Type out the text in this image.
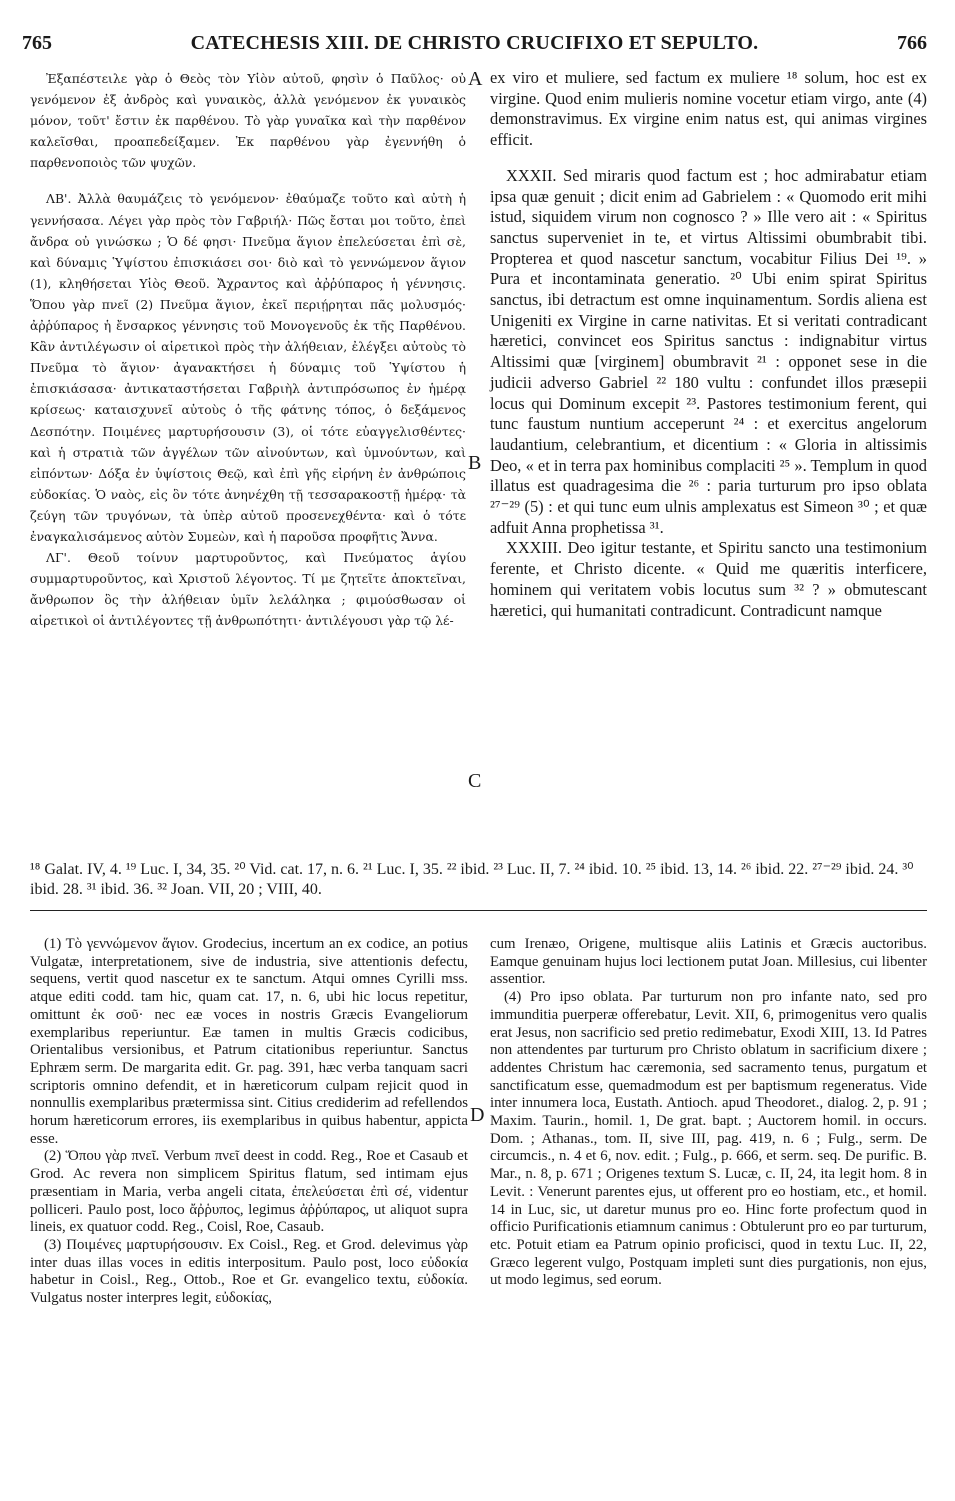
765	CATECHESIS XIII. DE CHRISTO CRUCIFIXO ET SEPULTO.	766

Ἐξαπέστειλε γὰρ ὁ Θεὸς τὸν Υἱὸν αὐτοῦ, φησὶν ὁ Παῦλος· οὐ γενόμενον ἐξ ἀνδρὸς καὶ γυναικὸς, ἀλλὰ γενόμενον ἐκ γυναικὸς μόνον, τοῦτ' ἔστιν ἐκ παρθένου. Τὸ γὰρ γυναῖκα καὶ τὴν παρθένον καλεῖσθαι, προαπεδείξαμεν. Ἐκ παρθένου γὰρ ἐγεννήθη ὁ παρθενοποιὸς τῶν ψυχῶν.

ΛΒ'. Ἀλλὰ θαυμάζεις τὸ γενόμενον· ἐθαύμαζε τοῦτο καὶ αὐτὴ ἡ γεννήσασα. Λέγει γὰρ πρὸς τὸν Γαβριήλ· Πῶς ἔσται μοι τοῦτο, ἐπεὶ ἄνδρα οὐ γινώσκω ; Ὁ δέ φησι· Πνεῦμα ἅγιον ἐπελεύσεται ἐπὶ σὲ, καὶ δύναμις Ὑψίστου ἐπισκιάσει σοι· διὸ καὶ τὸ γεννώμενον ἅγιον (1), κληθήσεται Υἱὸς Θεοῦ. Ἄχραντος καὶ ἀῤῥύπαρος ἡ γέννησις. Ὅπου γὰρ πνεῖ (2) Πνεῦμα ἅγιον, ἐκεῖ περιῄρηται πᾶς μολυσμός· ἀῤῥύπαρος ἡ ἔνσαρκος γέννησις τοῦ Μονογενοῦς ἐκ τῆς Παρθένου. Κἂν ἀντιλέγωσιν οἱ αἱρετικοὶ πρὸς τὴν ἀλήθειαν, ἐλέγξει αὐτοὺς τὸ Πνεῦμα τὸ ἅγιον· ἀγανακτήσει ἡ δύναμις τοῦ Ὑψίστου ἡ ἐπισκιάσασα· ἀντικαταστήσεται Γαβριὴλ ἀντιπρόσωπος ἐν ἡμέρᾳ κρίσεως· καταισχυνεῖ αὐτοὺς ὁ τῆς φάτνης τόπος, ὁ δεξάμενος Δεσπότην. Ποιμένες μαρτυρήσουσιν (3), οἱ τότε εὐαγγελισθέντες· καὶ ἡ στρατιὰ τῶν ἀγγέλων τῶν αἰνούντων, καὶ ὑμνούντων, καὶ εἰπόντων· Δόξα ἐν ὑψίστοις Θεῷ, καὶ ἐπὶ γῆς εἰρήνη ἐν ἀνθρώποις εὐδοκίας. Ὁ ναὸς, εἰς ὃν τότε ἀνηνέχθη τῇ τεσσαρακοστῇ ἡμέρᾳ· τὰ ζεύγη τῶν τρυγόνων, τὰ ὑπὲρ αὐτοῦ προσενεχθέντα· καὶ ὁ τότε ἐναγκαλισάμενος αὐτὸν Συμεὼν, καὶ ἡ παροῦσα προφῆτις Ἄννα.

ΛΓ'. Θεοῦ τοίνυν μαρτυροῦντος, καὶ Πνεύματος ἁγίου συμμαρτυροῦντος, καὶ Χριστοῦ λέγοντος. Τί με ζητεῖτε ἀποκτεῖναι, ἄνθρωπον ὃς τὴν ἀλήθειαν ὑμῖν λελάληκα ; φιμούσθωσαν οἱ αἱρετικοὶ οἱ ἀντιλέγοντες τῇ ἀνθρωπότητι· ἀντιλέγουσι γὰρ τῷ λέ-

A
B
C
D

ex viro et muliere, sed factum ex muliere ¹⁸ solum, hoc est ex virgine. Quod enim mulieris nomine vocetur etiam virgo, ante (4) demonstravimus. Ex virgine enim natus est, qui animas virgines efficit.

XXXII. Sed miraris quod factum est ; hoc admirabatur etiam ipsa quæ genuit ; dicit enim ad Gabrielem : « Quomodo erit mihi istud, siquidem virum non cognosco ? » Ille vero ait : « Spiritus sanctus superveniet in te, et virtus Altissimi obumbrabit tibi. Propterea et quod nascetur sanctum, vocabitur Filius Dei ¹⁹. » Pura et incontaminata generatio. ²⁰ Ubi enim spirat Spiritus sanctus, ibi detractum est omne inquinamentum. Sordis aliena est Unigeniti ex Virgine in carne nativitas. Et si veritati contradicant hæretici, convincet eos Spiritus sanctus : indignabitur virtus Altissimi quæ [virginem] obumbravit ²¹ : opponet sese in die judicii adverso Gabriel ²² 180 vultu : confundet illos præsepii locus qui Dominum excepit ²³. Pastores testimonium ferent, qui tunc faustum nuntium acceperunt ²⁴ : et exercitus angelorum laudantium, celebrantium, et dicentium : « Gloria in altissimis Deo, « et in terra pax hominibus complaciti ²⁵ ». Templum in quod illatus est quadragesima die ²⁶ : paria turturum pro ipso oblata ²⁷⁻²⁹ (5) : et qui tunc eum ulnis amplexatus est Simeon ³⁰ ; et quæ adfuit Anna prophetissa ³¹.

XXXIII. Deo igitur testante, et Spiritu sancto una testimonium ferente, et Christo dicente. « Quid me quæritis interficere, hominem qui veritatem vobis locutus sum ³² ? » obmutescant hæretici, qui humanitati contradicunt. Contradicunt namque

¹⁸ Galat. IV, 4. ¹⁹ Luc. I, 34, 35. ²⁰ Vid. cat. 17, n. 6. ²¹ Luc. I, 35. ²² ibid. ²³ Luc. II, 7. ²⁴ ibid. 10. ²⁵ ibid. 13, 14. ²⁶ ibid. 22. ²⁷⁻²⁹ ibid. 24. ³⁰ ibid. 28. ³¹ ibid. 36. ³² Joan. VII, 20 ; VIII, 40.

(1) Τὸ γεννώμενον ἅγιον. Grodecius, incertum an ex codice, an potius Vulgatæ, interpretationem, sive de industria, sive attentionis defectu, sequens, vertit quod nascetur ex te sanctum. Atqui omnes Cyrilli mss. atque editi codd. tam hic, quam cat. 17, n. 6, ubi hic locus repetitur, omittunt ἐκ σοῦ· nec eæ voces in nostris Græcis Evangeliorum exemplaribus reperiuntur. Eæ tamen in multis Græcis codicibus, Orientalibus versionibus, et Patrum citationibus reperiuntur. Sanctus Ephræm serm. De margarita edit. Gr. pag. 391, hæc verba tanquam sacri scriptoris omnino defendit, et in hæreticorum culpam rejicit quod in nonnullis exemplaribus prætermissa sint. Citius crediderim ad refellendos horum hæreticorum errores, iis exemplaribus in quibus habentur, appicta esse.

(2) Ὅπου γὰρ πνεῖ. Verbum πνεῖ deest in codd. Reg., Roe et Casaub et Grod. Ac revera non simplicem Spiritus flatum, sed intimam ejus præsentiam in Maria, verba angeli citata, ἐπελεύσεται ἐπὶ σέ, videntur polliceri. Paulo post, loco ἄῤῥυπος, legimus ἀῤῥύπαρος, ut aliquot supra lineis, ex quatuor codd. Reg., Coisl, Roe, Casaub.

(3) Ποιμένες μαρτυρήσουσιν. Ex Coisl., Reg. et Grod. delevimus γὰρ inter duas illas voces in editis interpositum. Paulo post, loco εὐδοκία habetur in Coisl., Reg., Ottob., Roe et Gr. evangelico textu, εὐδοκία. Vulgatus noster interpres legit, εὐδοκίας,

cum Irenæo, Origene, multisque aliis Latinis et Græcis auctoribus. Eamque genuinam hujus loci lectionem putat Joan. Millesius, cui libenter assentior.

(4) Pro ipso oblata. Par turturum non pro infante nato, sed pro immunditia puerperæ offerebatur, Levit. XII, 6, primogenitus vero qualis erat Jesus, non sacrificio sed pretio redimebatur, Exodi XIII, 13. Id Patres non attendentes par turturum pro Christo oblatum in sacrificium dixere ; addentes Christum hac cæremonia, sed sacramento tenus, purgatum et sanctificatum esse, quemadmodum est per baptismum regeneratus. Vide inter innumera loca, Eustath. Antioch. apud Theodoret., dialog. 2, p. 91 ; Maxim. Taurin., homil. 1, De grat. bapt. ; Auctorem homil. in occurs. Dom. ; Athanas., tom. II, sive III, pag. 419, n. 6 ; Fulg., serm. De circumcis., n. 4 et 6, nov. edit. ; Fulg., p. 666, et serm. seq. De purific. B. Mar., n. 8, p. 671 ; Origenes textum S. Lucæ, c. II, 24, ita legit hom. 8 in Levit. : Venerunt parentes ejus, ut offerent pro eo hostiam, etc., et homil. 14 in Luc, sic, ut daretur munus pro eo. Hinc forte profectum quod in officio Purificationis etiamnum canimus : Obtulerunt pro eo par turturum, etc. Potuit etiam ea Patrum opinio proficisci, quod in textu Luc. II, 22, Græco legerent vulgo, Postquam impleti sunt dies purgationis, non ejus, ut modo legimus, sed eorum.
